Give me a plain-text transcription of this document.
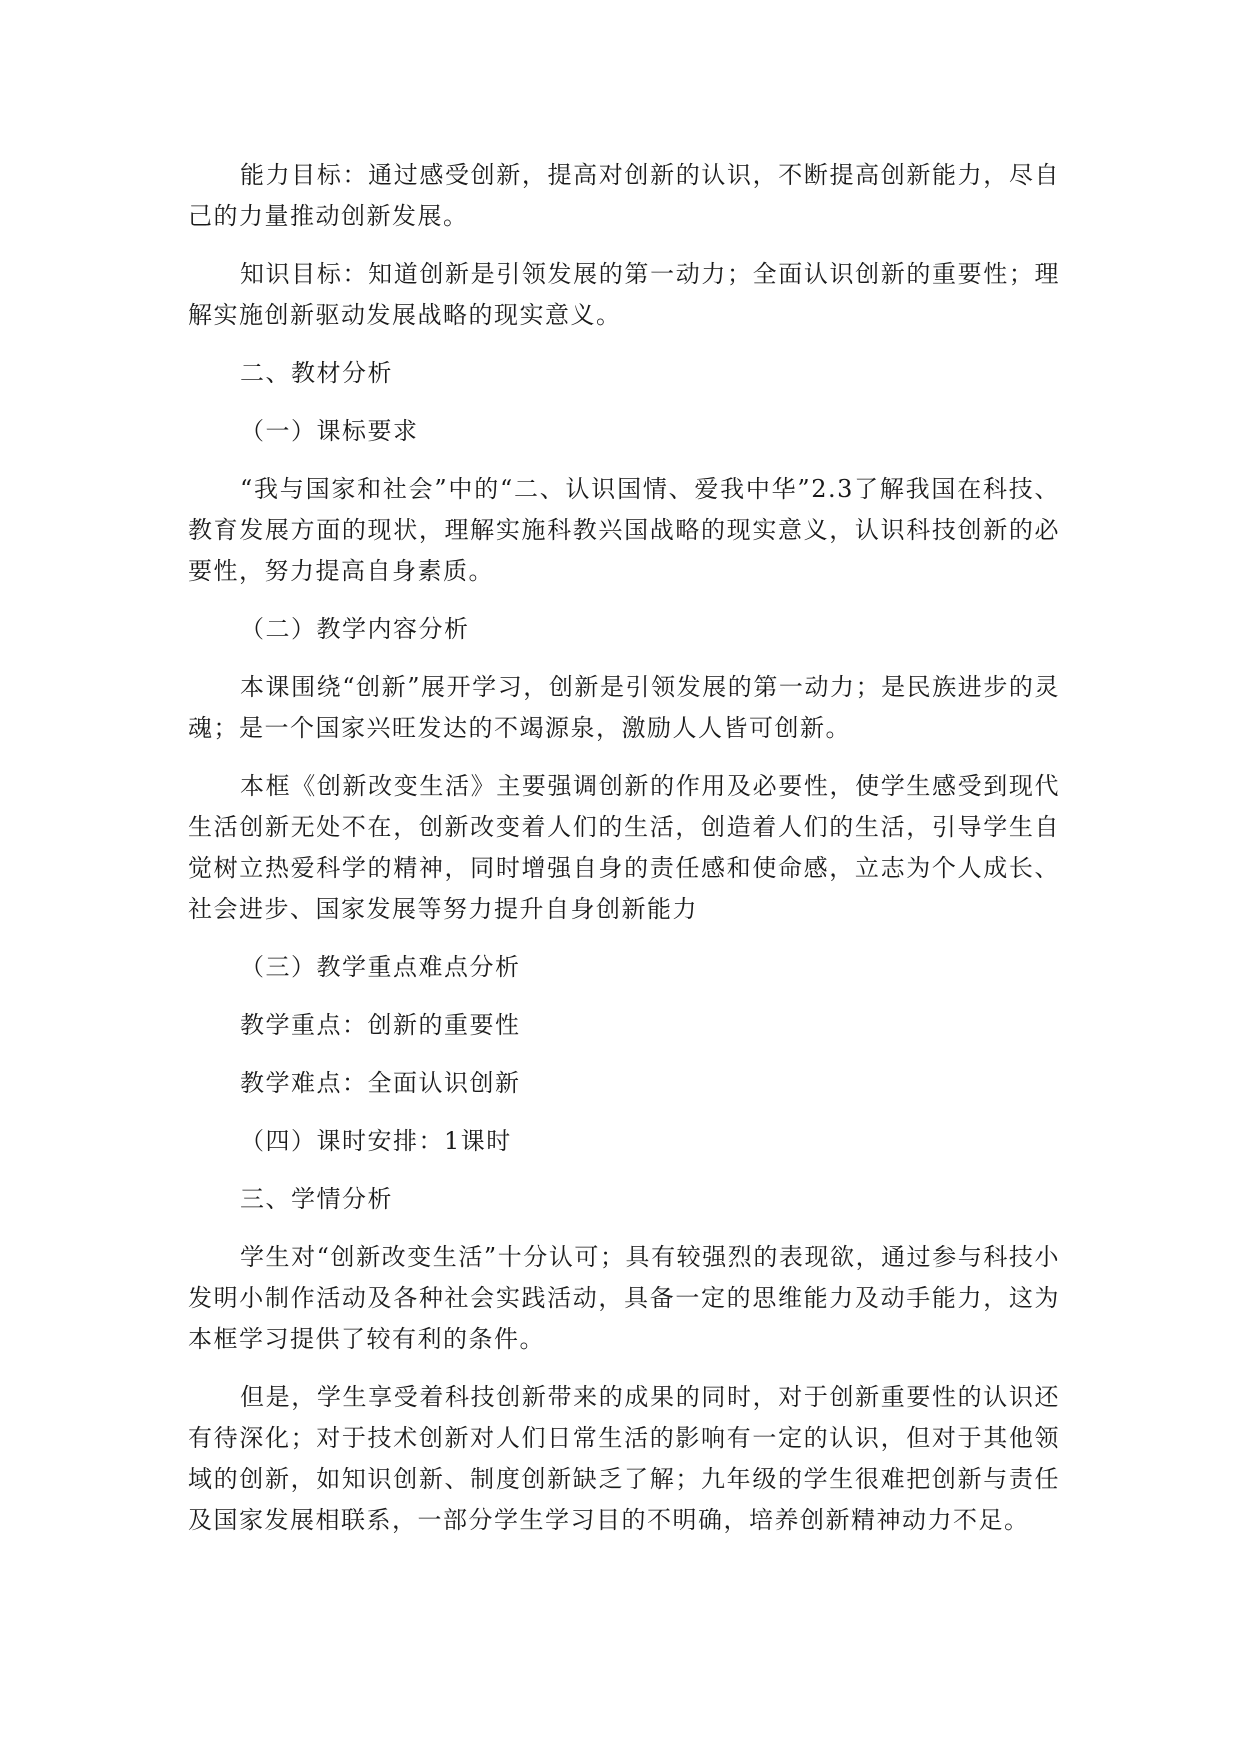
能力目标：通过感受创新，提高对创新的认识，不断提高创新能力，尽自己的力量推动创新发展。

知识目标：知道创新是引领发展的第一动力；全面认识创新的重要性；理解实施创新驱动发展战略的现实意义。

二、教材分析

（一）课标要求

“我与国家和社会”中的“二、认识国情、爱我中华”2.3了解我国在科技、教育发展方面的现状，理解实施科教兴国战略的现实意义，认识科技创新的必要性，努力提高自身素质。

（二）教学内容分析

本课围绕“创新”展开学习，创新是引领发展的第一动力；是民族进步的灵魂；是一个国家兴旺发达的不竭源泉，激励人人皆可创新。

本框《创新改变生活》主要强调创新的作用及必要性，使学生感受到现代生活创新无处不在，创新改变着人们的生活，创造着人们的生活，引导学生自觉树立热爱科学的精神，同时增强自身的责任感和使命感，立志为个人成长、社会进步、国家发展等努力提升自身创新能力

（三）教学重点难点分析

教学重点：创新的重要性

教学难点：全面认识创新

（四）课时安排：1课时

三、学情分析

学生对“创新改变生活”十分认可；具有较强烈的表现欲，通过参与科技小发明小制作活动及各种社会实践活动，具备一定的思维能力及动手能力，这为本框学习提供了较有利的条件。

但是，学生享受着科技创新带来的成果的同时，对于创新重要性的认识还有待深化；对于技术创新对人们日常生活的影响有一定的认识，但对于其他领域的创新，如知识创新、制度创新缺乏了解；九年级的学生很难把创新与责任及国家发展相联系，一部分学生学习目的不明确，培养创新精神动力不足。
